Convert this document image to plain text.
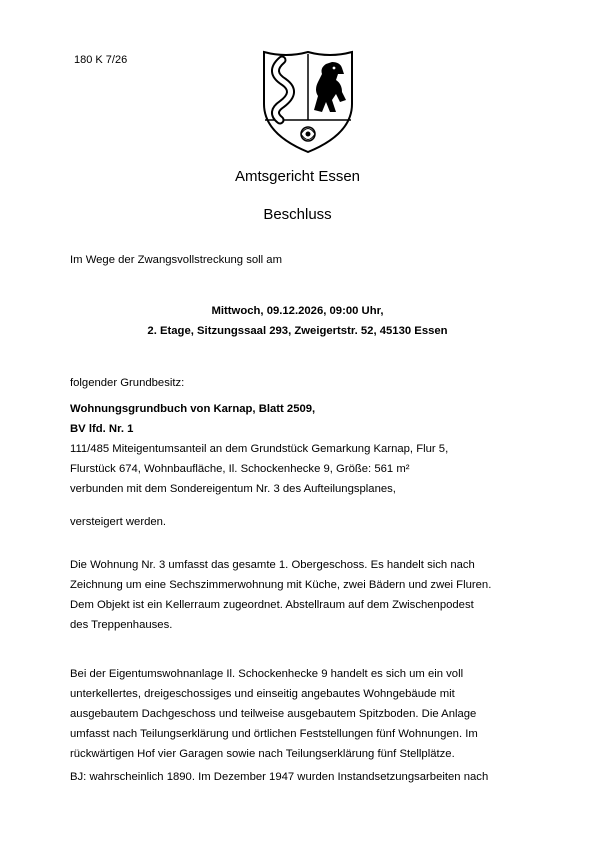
180 K 7/26
Amtsgericht Essen
Beschluss
Im Wege der Zwangsvollstreckung soll am
Mittwoch, 09.12.2026, 09:00 Uhr,
2. Etage, Sitzungssaal 293, Zweigertstr. 52, 45130 Essen
folgender Grundbesitz:
Wohnungsgrundbuch von Karnap, Blatt 2509,
BV lfd. Nr. 1
111/485 Miteigentumsanteil an dem Grundstück Gemarkung Karnap, Flur 5,
Flurstück 674, Wohnbaufläche, Il. Schockenhecke 9, Größe: 561 m²
verbunden mit dem Sondereigentum Nr. 3 des Aufteilungsplanes,
versteigert werden.
Die Wohnung Nr. 3 umfasst das gesamte 1. Obergeschoss. Es handelt sich nach
Zeichnung um eine Sechszimmerwohnung mit Küche, zwei Bädern und zwei Fluren.
Dem Objekt ist ein Kellerraum zugeordnet. Abstellraum auf dem Zwischenpodest
des Treppenhauses.
Bei der Eigentumswohnanlage Il. Schockenhecke 9 handelt es sich um ein voll
unterkellertes, dreigeschossiges und einseitig angebautes Wohngebäude mit
ausgebautem Dachgeschoss und teilweise ausgebautem Spitzboden. Die Anlage
umfasst nach Teilungserklärung und örtlichen Feststellungen fünf Wohnungen. Im
rückwärtigen Hof vier Garagen sowie nach Teilungserklärung fünf Stellplätze.
BJ: wahrscheinlich 1890. Im Dezember 1947 wurden Instandsetzungsarbeiten nach
